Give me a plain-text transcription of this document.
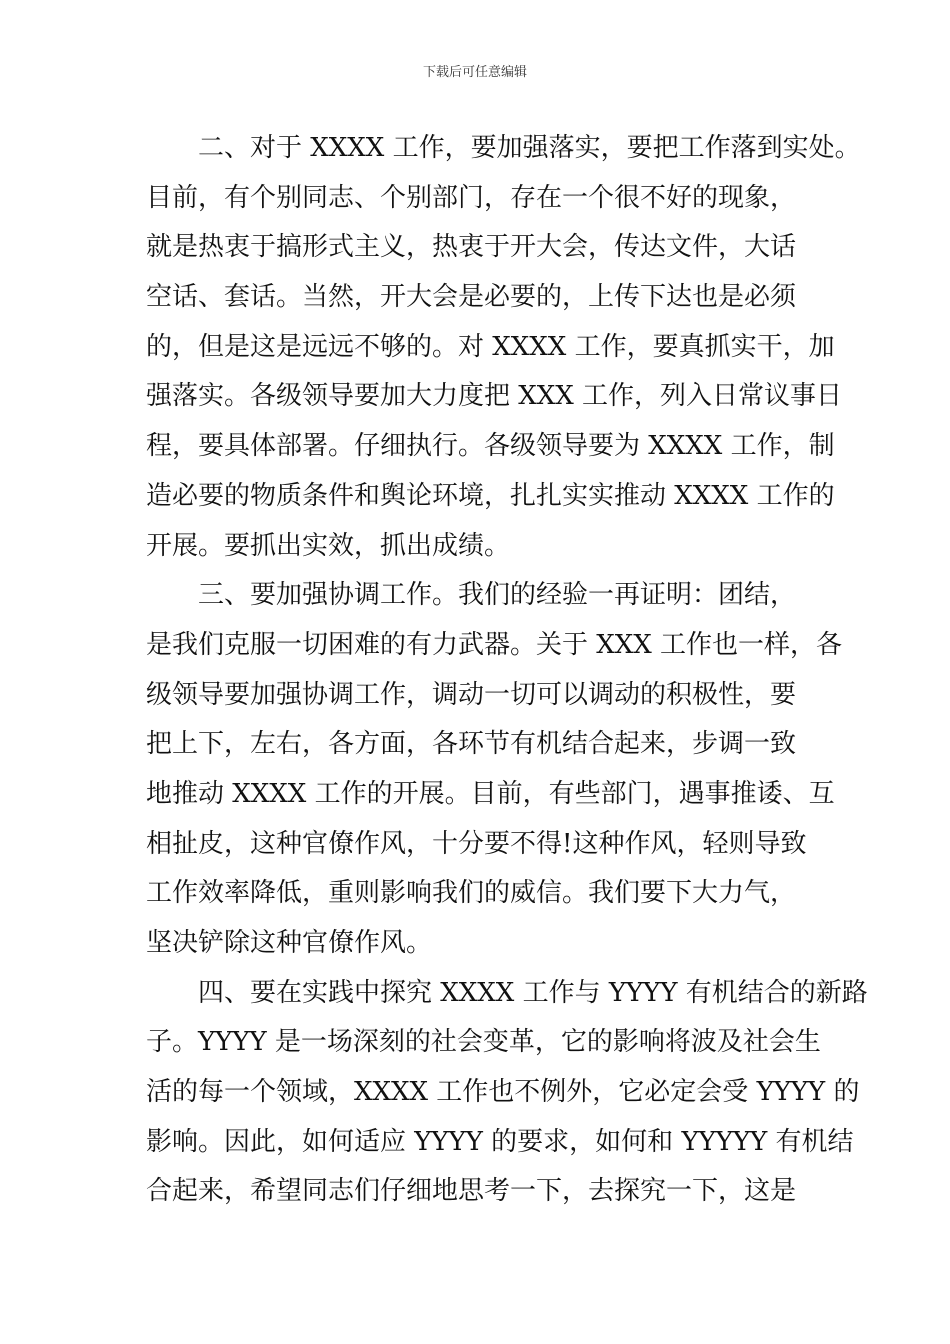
下载后可任意编辑
二、对于 XXXX 工作，要加强落实，要把工作落到实处。
目前，有个别同志、个别部门，存在一个很不好的现象，
就是热衷于搞形式主义，热衷于开大会，传达文件，大话
空话、套话。当然，开大会是必要的，上传下达也是必须
的，但是这是远远不够的。对 XXXX 工作，要真抓实干，加
强落实。各级领导要加大力度把 XXX 工作，列入日常议事日
程，要具体部署。仔细执行。各级领导要为 XXXX 工作，制
造必要的物质条件和舆论环境，扎扎实实推动 XXXX 工作的
开展。要抓出实效，抓出成绩。
三、要加强协调工作。我们的经验一再证明：团结，
是我们克服一切困难的有力武器。关于 XXX 工作也一样，各
级领导要加强协调工作，调动一切可以调动的积极性，要
把上下，左右，各方面，各环节有机结合起来，步调一致
地推动 XXXX 工作的开展。目前，有些部门，遇事推诿、互
相扯皮，这种官僚作风，十分要不得!这种作风，轻则导致
工作效率降低，重则影响我们的威信。我们要下大力气，
坚决铲除这种官僚作风。
四、要在实践中探究 XXXX 工作与 YYYY 有机结合的新路
子。YYYY 是一场深刻的社会变革，它的影响将波及社会生
活的每一个领域，XXXX 工作也不例外，它必定会受 YYYY 的
影响。因此，如何适应 YYYY 的要求，如何和 YYYYY 有机结
合起来，希望同志们仔细地思考一下，去探究一下，这是
